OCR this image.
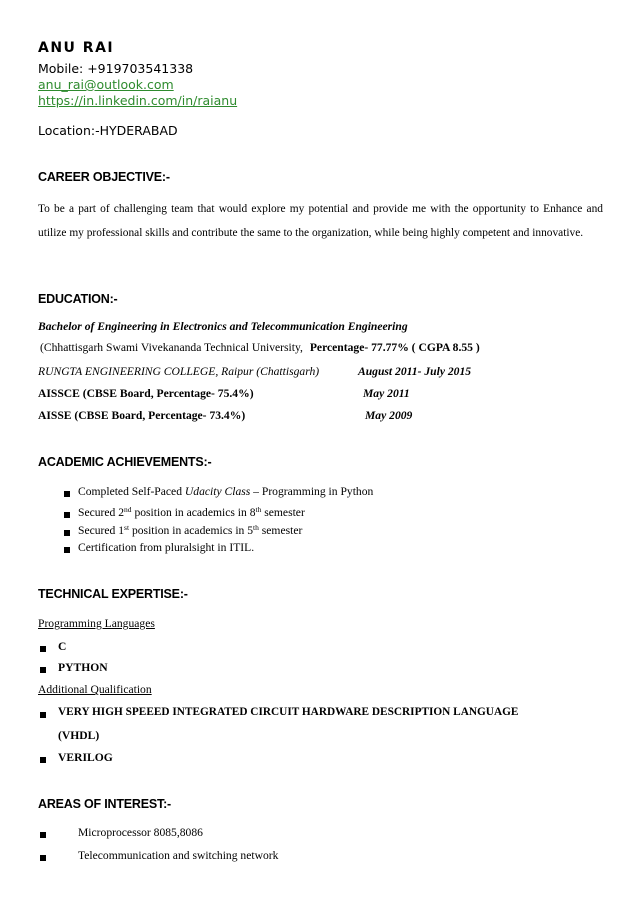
ANU RAI
Mobile: +919703541338
anu_rai@outlook.com
https://in.linkedin.com/in/raianu
Location:-HYDERABAD
CAREER OBJECTIVE:-
To be a part of challenging team that would explore my potential and provide me with the opportunity to Enhance and utilize my professional skills and contribute the same to the organization, while being highly competent and innovative.
EDUCATION:-
Bachelor of Engineering in Electronics and Telecommunication Engineering
(Chhattisgarh Swami Vivekananda Technical University, Percentage- 77.77% ( CGPA 8.55 )
RUNGTA ENGINEERING COLLEGE, Raipur (Chattisgarh)	August 2011- July 2015
AISSCE (CBSE Board, Percentage- 75.4%)	May 2011
AISSE (CBSE Board, Percentage- 73.4%)	May 2009
ACADEMIC ACHIEVEMENTS:-
Completed Self-Paced Udacity Class – Programming in Python
Secured 2nd position in academics in 8th semester
Secured 1st position in academics in 5th semester
Certification from pluralsight in ITIL.
TECHNICAL EXPERTISE:-
Programming Languages
C
PYTHON
Additional Qualification
VERY HIGH SPEEED INTEGRATED CIRCUIT HARDWARE DESCRIPTION LANGUAGE
(VHDL)
VERILOG
AREAS OF INTEREST:-
Microprocessor 8085,8086
Telecommunication and switching network
